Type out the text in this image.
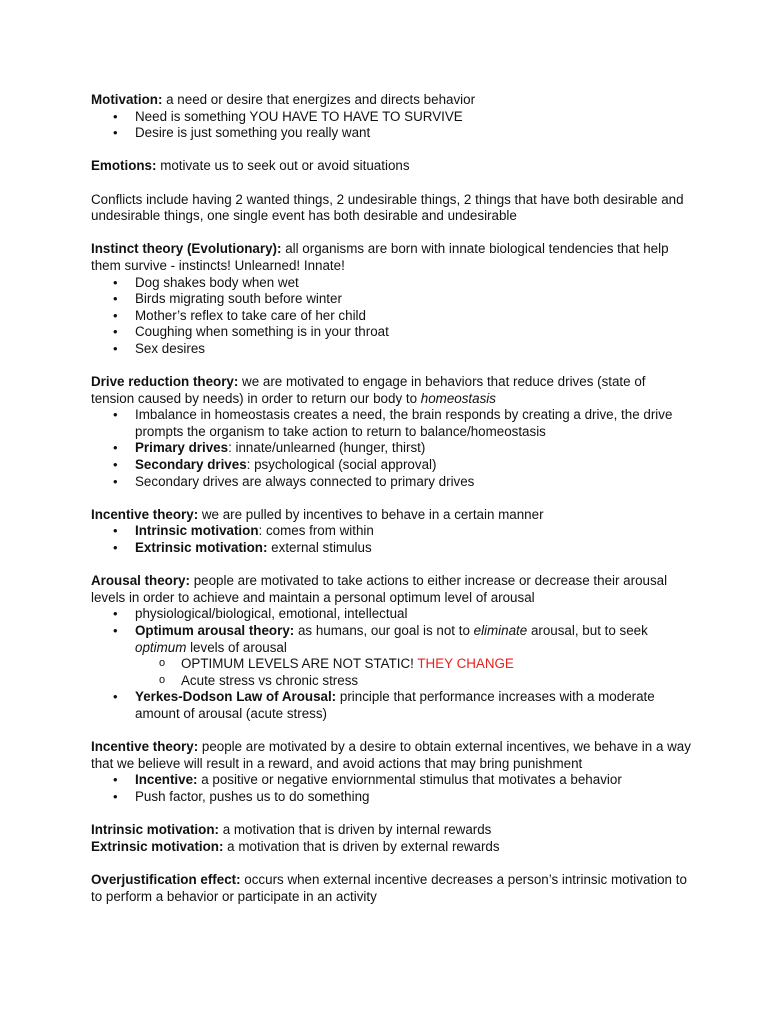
Motivation: a need or desire that energizes and directs behavior

• Need is something YOU HAVE TO HAVE TO SURVIVE
• Desire is just something you really want

Emotions: motivate us to seek out or avoid situations

Conflicts include having 2 wanted things, 2 undesirable things, 2 things that have both desirable and undesirable things, one single event has both desirable and undesirable

Instinct theory (Evolutionary): all organisms are born with innate biological tendencies that help them survive - instincts! Unlearned! Innate!

• Dog shakes body when wet
• Birds migrating south before winter
• Mother’s reflex to take care of her child
• Coughing when something is in your throat
• Sex desires

Drive reduction theory: we are motivated to engage in behaviors that reduce drives (state of tension caused by needs) in order to return our body to homeostasis

• Imbalance in homeostasis creates a need, the brain responds by creating a drive, the drive prompts the organism to take action to return to balance/homeostasis
• Primary drives: innate/unlearned (hunger, thirst)
• Secondary drives: psychological (social approval)
• Secondary drives are always connected to primary drives

Incentive theory: we are pulled by incentives to behave in a certain manner

• Intrinsic motivation: comes from within
• Extrinsic motivation: external stimulus

Arousal theory: people are motivated to take actions to either increase or decrease their arousal levels in order to achieve and maintain a personal optimum level of arousal

• physiological/biological, emotional, intellectual
• Optimum arousal theory: as humans, our goal is not to eliminate arousal, but to seek optimum levels of arousal
o OPTIMUM LEVELS ARE NOT STATIC! THEY CHANGE
o Acute stress vs chronic stress
• Yerkes-Dodson Law of Arousal: principle that performance increases with a moderate amount of arousal (acute stress)

Incentive theory: people are motivated by a desire to obtain external incentives, we behave in a way that we believe will result in a reward, and avoid actions that may bring punishment

• Incentive: a positive or negative enviornmental stimulus that motivates a behavior
• Push factor, pushes us to do something

Intrinsic motivation: a motivation that is driven by internal rewards

Extrinsic motivation: a motivation that is driven by external rewards

Overjustification effect: occurs when external incentive decreases a person’s intrinsic motivation to to perform a behavior or participate in an activity
